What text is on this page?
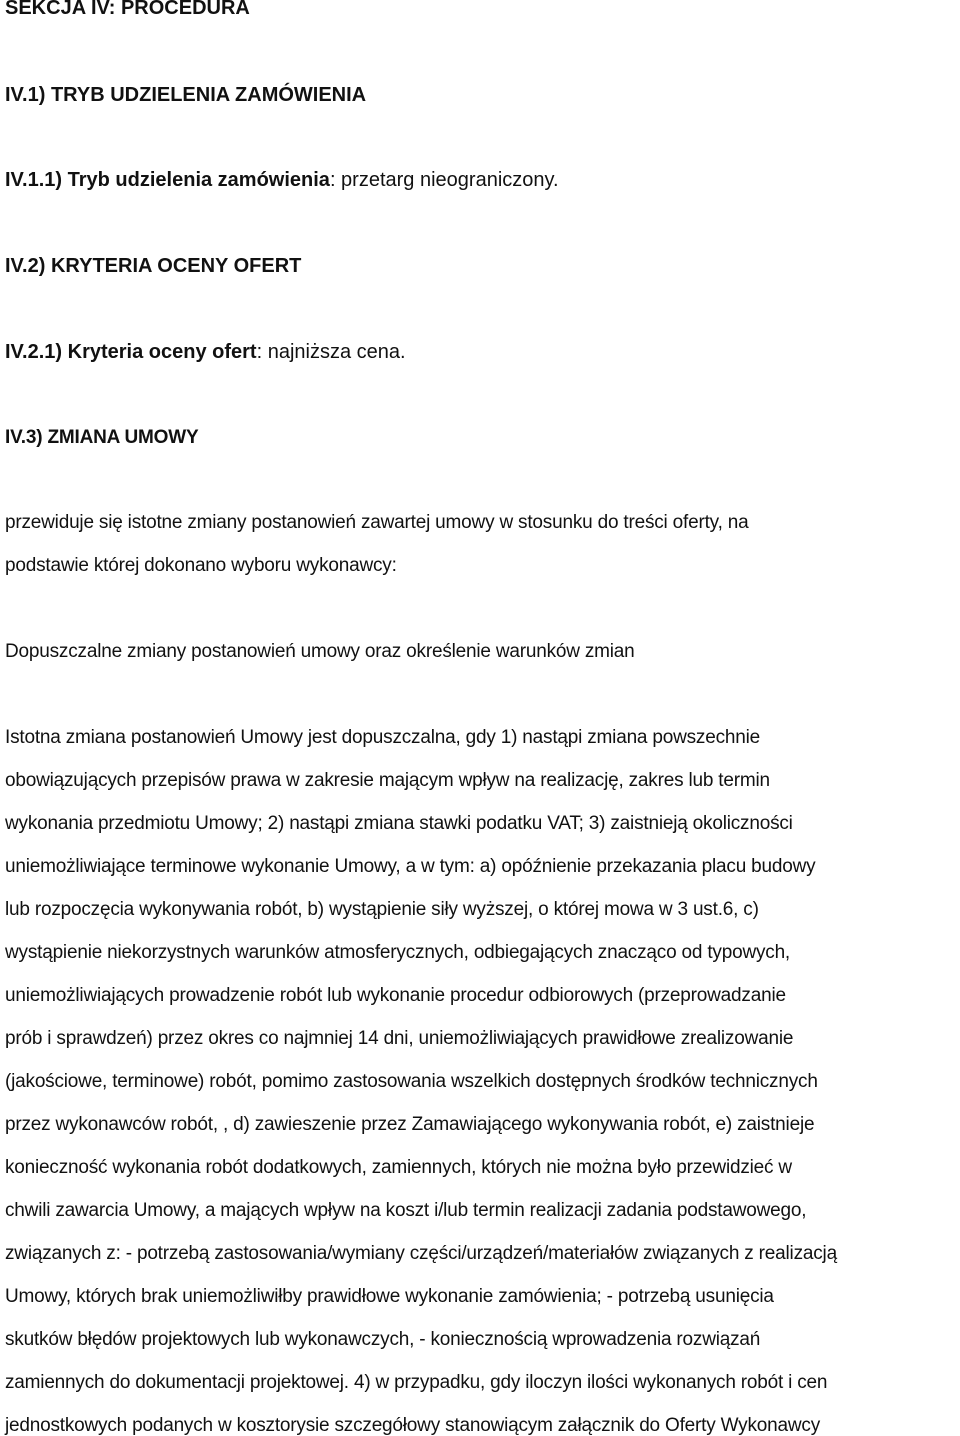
SEKCJA IV: PROCEDURA
IV.1) TRYB UDZIELENIA ZAMÓWIENIA
IV.1.1) Tryb udzielenia zamówienia: przetarg nieograniczony.
IV.2) KRYTERIA OCENY OFERT
IV.2.1) Kryteria oceny ofert: najniższa cena.
IV.3) ZMIANA UMOWY
przewiduje się istotne zmiany postanowień zawartej umowy w stosunku do treści oferty, na
podstawie której dokonano wyboru wykonawcy:
Dopuszczalne zmiany postanowień umowy oraz określenie warunków zmian
Istotna zmiana postanowień Umowy jest dopuszczalna, gdy 1) nastąpi zmiana powszechnie
obowiązujących przepisów prawa w zakresie mającym wpływ na realizację, zakres lub termin
wykonania przedmiotu Umowy; 2) nastąpi zmiana stawki podatku VAT; 3) zaistnieją okoliczności
uniemożliwiające terminowe wykonanie Umowy, a w tym: a) opóźnienie przekazania placu budowy
lub rozpoczęcia wykonywania robót, b) wystąpienie siły wyższej, o której mowa w 3 ust.6, c)
wystąpienie niekorzystnych warunków atmosferycznych, odbiegających znacząco od typowych,
uniemożliwiających prowadzenie robót lub wykonanie procedur odbiorowych (przeprowadzanie
prób i sprawdzeń) przez okres co najmniej 14 dni, uniemożliwiających prawidłowe zrealizowanie
(jakościowe, terminowe) robót, pomimo zastosowania wszelkich dostępnych środków technicznych
przez wykonawców robót, , d) zawieszenie przez Zamawiającego wykonywania robót, e) zaistnieje
konieczność wykonania robót dodatkowych, zamiennych, których nie można było przewidzieć w
chwili zawarcia Umowy, a mających wpływ na koszt i/lub termin realizacji zadania podstawowego,
związanych z: - potrzebą zastosowania/wymiany części/urządzeń/materiałów związanych z realizacją
Umowy, których brak uniemożliwiłby prawidłowe wykonanie zamówienia; - potrzebą usunięcia
skutków błędów projektowych lub wykonawczych, - koniecznością wprowadzenia rozwiązań
zamiennych do dokumentacji projektowej. 4) w przypadku, gdy iloczyn ilości wykonanych robót i cen
jednostkowych podanych w kosztorysie szczegółowy stanowiącym załącznik do Oferty Wykonawcy
